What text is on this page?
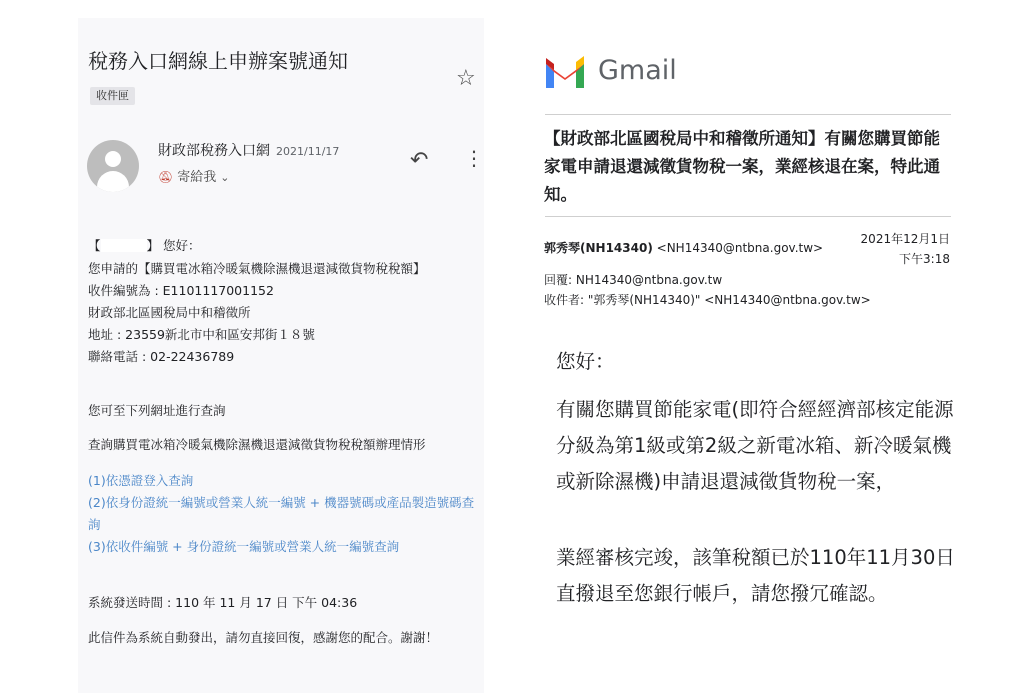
稅務入口網線上申辦案號通知
☆
收件匣
財政部稅務入口網 2021/11/17
🔕︎ 寄給我 ⌄
↶ ⋮
【	】 您好：
您申請的【購買電冰箱冷暖氣機除濕機退還減徵貨物稅稅額】
收件編號為 : E1101117001152
財政部北區國稅局中和稽徵所
地址 : 23559新北市中和區安邦街１８號
聯絡電話 : 02-22436789
您可至下列網址進行查詢
查詢購買電冰箱冷暖氣機除濕機退還減徵貨物稅稅額辦理情形
(1)依憑證登入查詢
(2)依身份證統一編號或營業人統一編號 + 機器號碼或產品製造號碼查詢
(3)依收件編號 + 身份證統一編號或營業人統一編號查詢
系統發送時間 : 110 年 11 月 17 日 下午 04:36
此信件為系統自動發出，請勿直接回復，感謝您的配合。謝謝！
Gmail
【財政部北區國稅局中和稽徵所通知】有關您購買節能家電申請退還減徵貨物稅一案，業經核退在案，特此通知。
郭秀琴(NH14340) <NH14340@ntbna.gov.tw>
2021年12月1日
下午3:18
回覆: NH14340@ntbna.gov.tw
收件者: "郭秀琴(NH14340)" <NH14340@ntbna.gov.tw>
您好：
有關您購買節能家電(即符合經經濟部核定能源分級為第1級或第2級之新電冰箱、新冷暖氣機或新除濕機)申請退還減徵貨物稅一案，
業經審核完竣，該筆稅額已於110年11月30日直撥退至您銀行帳戶，請您撥冗確認。
